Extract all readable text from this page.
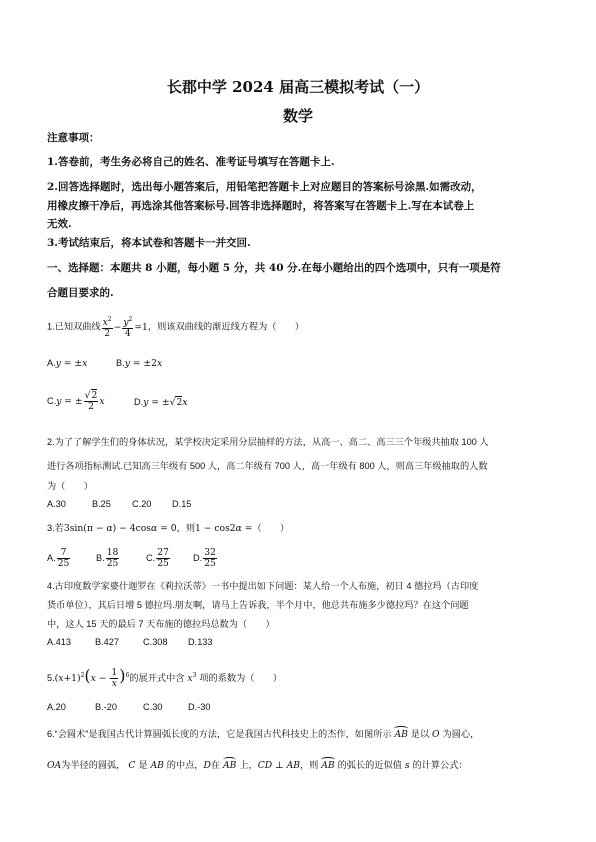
长郡中学 2024 届高三模拟考试（一）
数学
注意事项：
1.答卷前，考生务必将自己的姓名、准考证号填写在答题卡上.
2.回答选择题时，选出每小题答案后，用铅笔把答题卡上对应题目的答案标号涂黑.如需改动，
用橡皮擦干净后，再选涂其他答案标号.回答非选择题时，将答案写在答题卡上.写在本试卷上
无效.
3.考试结束后，将本试卷和答题卡一并交回.
一、选择题：本题共 8 小题，每小题 5 分，共 40 分.在每小题给出的四个选项中，只有一项是符
合题目要求的.
1.已知双曲线 $\frac{x^2}{2} - \frac{y^2}{4} =1$，则该双曲线的渐近线方程为（　　）
A.y = ±x	B.y = ±2x
C.y = ± $\frac{√2}{2}$ x	D.y = ±√2x
2.为了了解学生们的身体状况，某学校决定采用分层抽样的方法，从高一、高二、高三三个年级共抽取 100 人
进行各项指标测试.已知高三年级有 500 人，高二年级有 700 人，高一年级有 800 人，则高三年级抽取的人数
为（　　）
A.30	B.25 C.20 D.15
3.若3sin(π − α) − 4cosα = 0，则1 − cos2α =（　　）
A. $\frac{7}{25}$	B. $\frac{18}{25}$	C. $\frac{27}{25}$	D. $\frac{32}{25}$
4.古印度数学家婆什迦罗在《莉拉沃蒂》一书中提出如下问题：某人给一个人布施，初日 4 德拉玛（古印度
货币单位），其后日增 5 德拉玛.朋友啊，请马上告诉我，半个月中，他总共布施多少德拉玛？在这个问题
中，这人 15 天的最后 7 天布施的德拉玛总数为（　　）
A.413	B.427	C.308 D.133
$5.(x+1)^2(x - \frac{1}{x} )^6$的展开式中含 $x^3$ 项的系数为（　　）
A.20	B.-20	C.30	D.-30
6.“会圆术”是我国古代计算圆弧长度的方法，它是我国古代科技史上的杰作，如图所示 AB 是以 O 为圆心，
OA为半径的圆弧， C 是 AB 的中点，D在 AB 上，CD ⊥ AB，则 AB 的弧长的近似值 s 的计算公式：
